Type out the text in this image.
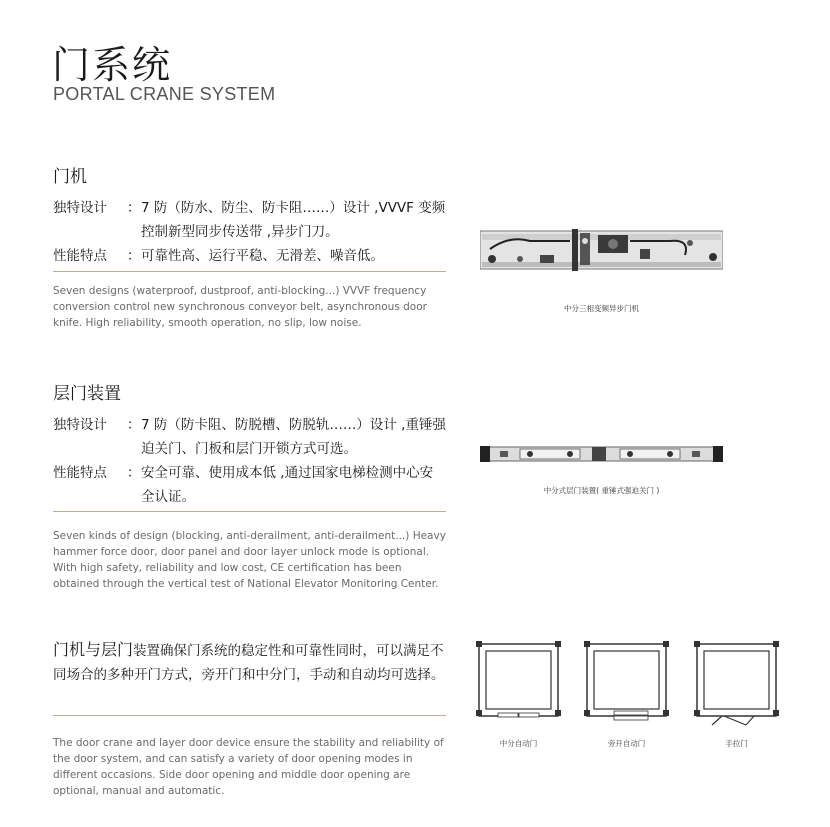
门系统
PORTAL CRANE SYSTEM
门机
独特设计	： 7 防（防水、防尘、防卡阻……）设计 ,VVVF 变频控制新型同步传送带 ,异步门刀。
性能特点	： 可靠性高、运行平稳、无滑差、噪音低。
Seven designs (waterproof, dustproof, anti-blocking...) VVVF frequency conversion control new synchronous conveyor belt, asynchronous door knife. High reliability, smooth operation, no slip, low noise.
中分三相变频异步门机
层门装置
独特设计	： 7 防（防卡阻、防脱槽、防脱轨……）设计 ,重锤强迫关门、门板和层门开锁方式可选。
性能特点	： 安全可靠、使用成本低 ,通过国家电梯检测中心安全认证。
Seven kinds of design (blocking, anti-derailment, anti-derailment...) Heavy hammer force door, door panel and door layer unlock mode is optional.
With high safety, reliability and low cost, CE certification has been obtained through the vertical test of National Elevator Monitoring Center.
中分式层门装置( 重锤式强迫关门 )
门机与层门装置确保门系统的稳定性和可靠性同时，可以满足不同场合的多种开门方式，旁开门和中分门，手动和自动均可选择。
The door crane and layer door device ensure the stability and reliability of the door system, and can satisfy a variety of door opening modes in different occasions. Side door opening and middle door opening are optional, manual and automatic.
中分自动门	旁开自动门	手拉门
